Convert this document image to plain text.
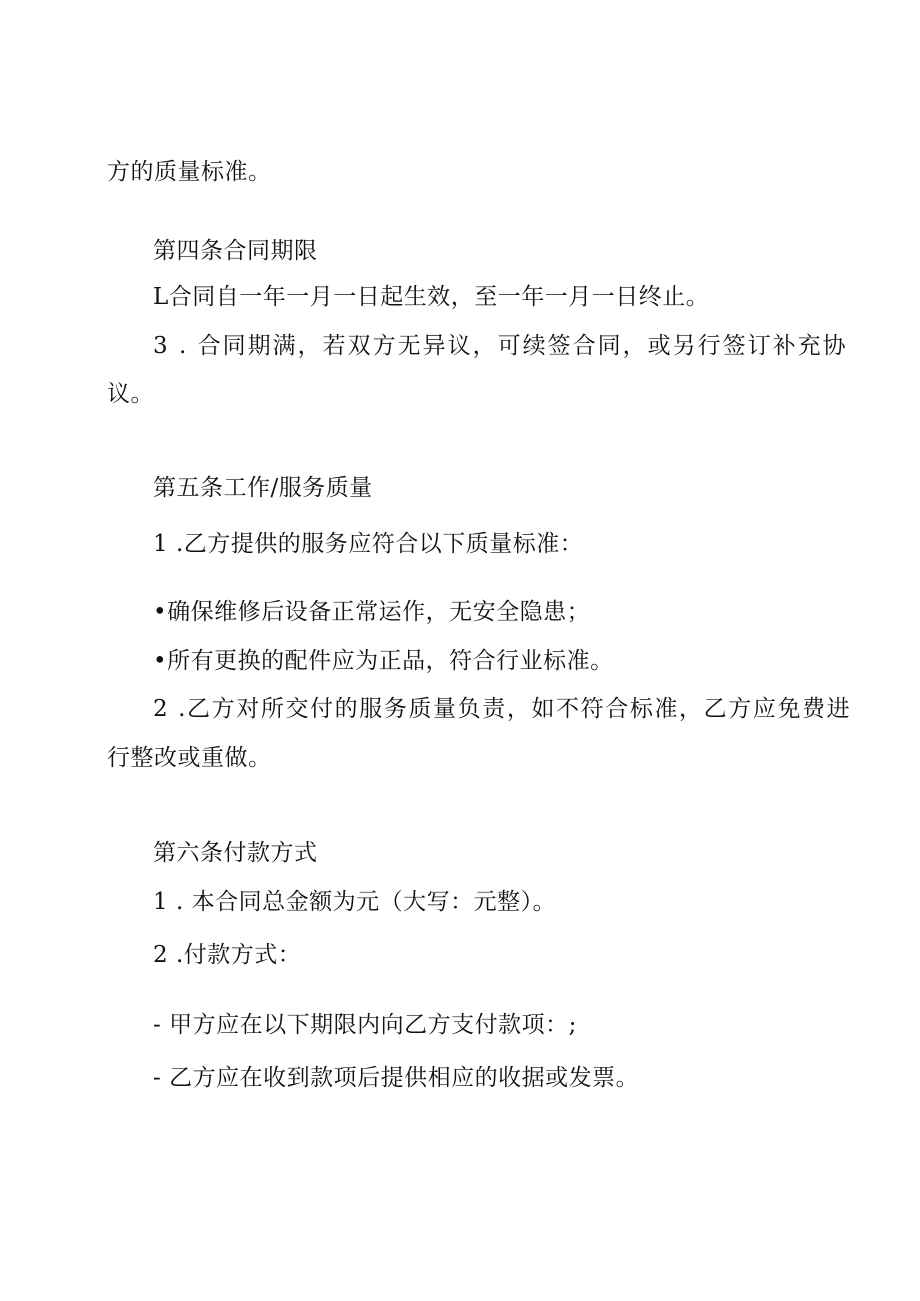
方的质量标准。
第四条合同期限
L合同自一年一月一日起生效，至一年一月一日终止。
3 . 合同期满，若双方无异议，可续签合同，或另行签订补充协
议。
第五条工作/服务质量
1 .乙方提供的服务应符合以下质量标准：
•确保维修后设备正常运作，无安全隐患；
•所有更换的配件应为正品，符合行业标准。
2 .乙方对所交付的服务质量负责，如不符合标准，乙方应免费进
行整改或重做。
第六条付款方式
1 . 本合同总金额为元（大写：元整）。
2 .付款方式：
- 甲方应在以下期限内向乙方支付款项：;
- 乙方应在收到款项后提供相应的收据或发票。
